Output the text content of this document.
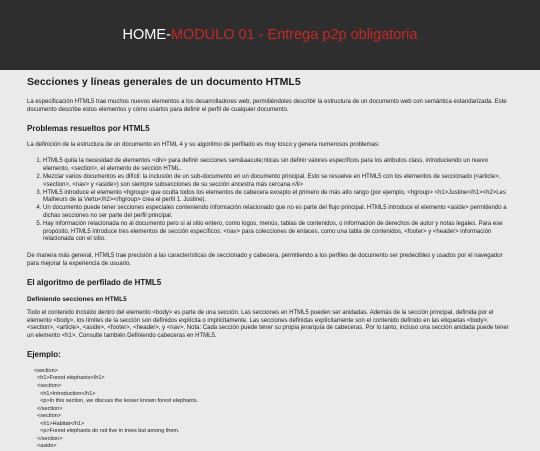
HOME - MODULO 01 - Entrega p2p obligatoria
Secciones y líneas generales de un documento HTML5

La especificación HTML5 trae muchos nuevos elementos a los desarrolladores web, permitiéndoles describir la estructura de un documento web con semántica estandarizada. Este documento describe estos elementos y cómo usarlos para definir el perfil de cualquier documento.

Problemas resueltos por HTML5

La definición de la estructura de un documento en HTML 4 y su algoritmo de perfilado es muy tosco y genera numerosos problemas:

1. HTML5 quita la necesidad de elementos <div> para definir secciones sem&aacute;nticas sin definir valores específicos para los atributos class, introduciendo un nuevo elemento, <section>, el elemento de sección HTML.
2. Mezclar varios documentos es difícil: la inclusión de un sub-documento en un documento principal. Esto se resuelve en HTML5 con los elementos de seccionado (<article>, <section>, <nav> y <aside>) son siempre subsecciones de su sección ancestra más cercana.</li>
3. HTML5 introduce el elemento <hgroup> que oculta todos los elementos de cabecera excepto el primero de más alto rango (por ejemplo, <hgroup> <h1>Justine</h1><h2>Les Malheurs de la Vertu</h2></hgroup> crea el perfil 1. Justine).
4. Un documento puede tener secciones especiales conteniendo información relacionado que no es parte del flujo principal. HTML5 introduce el elemento <aside> permitiendo a dichas secciones no ser parte del perfil principal.
5. Hay información relacionada no al documento pero si al sitio entero, como logos, menús, tablas de contenidos, o información de derechos de autor y notas legales. Para ese propósito, HTML5 introduce tres elementos de sección específicos: <nav> para colecciones de enlaces, como una tabla de contenidos, <footer> y <header> información relacionada con el sitio.

De manera más general, HTML5 trae precisión a las características de seccionado y cabecera, permitiendo a los perfiles de documento ser predecibles y usados por el navegador para mejorar la experiencia de usuario.

El algoritmo de perfilado de HTML5
Definiendo secciones en HTML5

Todo el contenido incluido dentro del elemento <body> es parte de una sección. Las secciones en HTML5 pueden ser anidadas. Además de la sección principal, definida por el elemento <body>, los límites de la sección son definidos explícita o implícitamente. Las secciones definidas explícitamente son el contenido definido en las etiquetas <body>, <section>, <article>, <aside>, <footer>, <header>, y <nav>. Nota: Cada sección puede tener su propia jerarquía de cabeceras. Por lo tanto, incluso una sección anidada puede tener un elemento <h1>. Consulte también Definiendo cabeceras en HTML5.

Ejemplo:
<section>
<h1>Forest elephants</h1>
<section>
<h1>Introduction</h1>
<p>In this section, we discuss the lesser known forest elephants.
</section>
<section>
<h1>Habitat</h1>
<p>Forest elephants do not live in trees but among them.
</section>
<aside>
